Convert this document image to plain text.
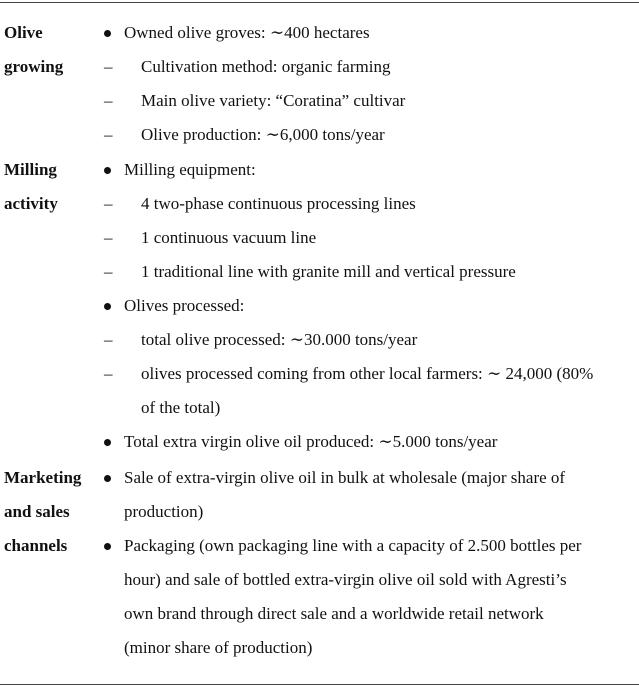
Olive
growing
Owned olive groves: ∼400 hectares
– Cultivation method: organic farming
– Main olive variety: “Coratina” cultivar
– Olive production: ∼6,000 tons/year
Milling
activity
Milling equipment:
– 4 two-phase continuous processing lines
– 1 continuous vacuum line
– 1 traditional line with granite mill and vertical pressure
Olives processed:
– total olive processed: ∼30.000 tons/year
– olives processed coming from other local farmers: ∼ 24,000 (80%
of the total)
Total extra virgin olive oil produced: ∼5.000 tons/year
Marketing
and sales
channels
Sale of extra-virgin olive oil in bulk at wholesale (major share of
production)
Packaging (own packaging line with a capacity of 2.500 bottles per
hour) and sale of bottled extra-virgin olive oil sold with Agresti’s
own brand through direct sale and a worldwide retail network
(minor share of production)
